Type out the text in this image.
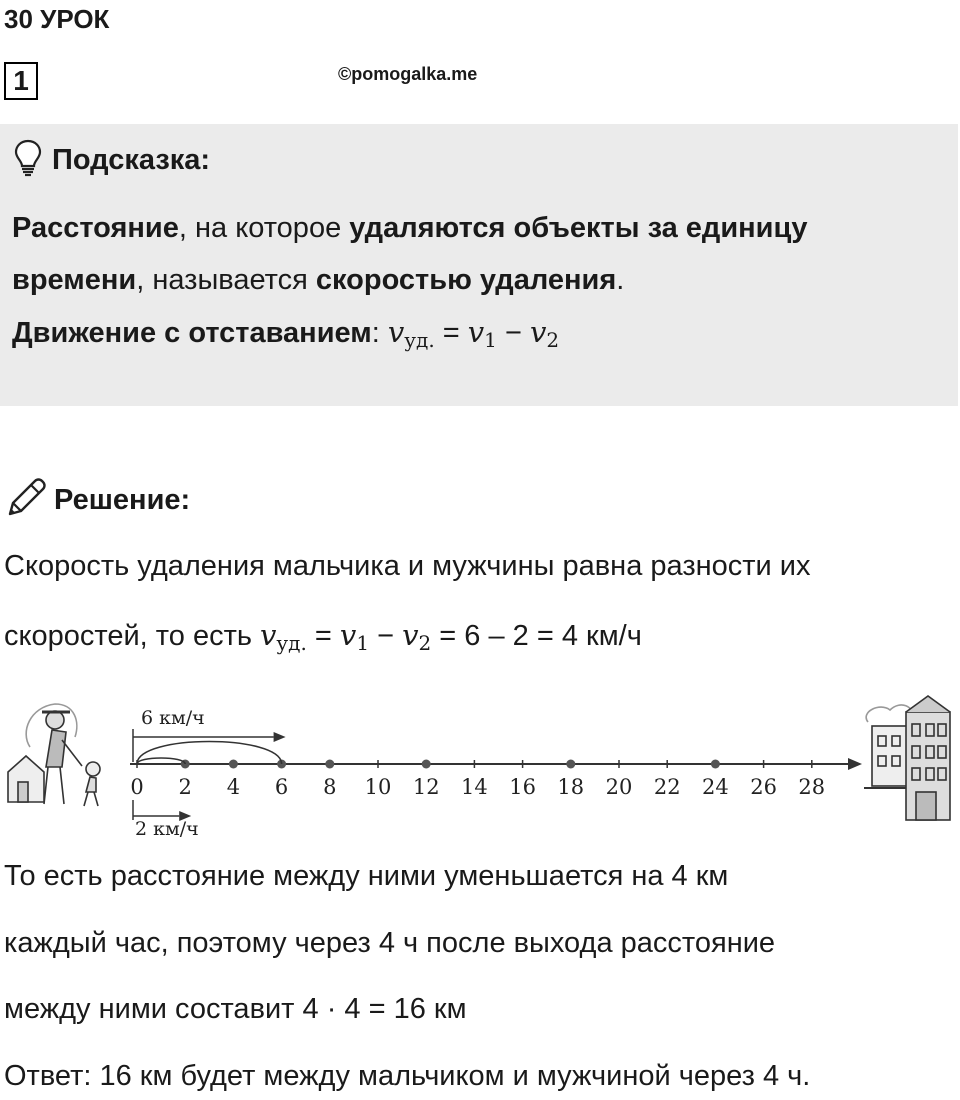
30 УРОК
1	©pomogalka.me
Подсказка:
Расстояние, на которое удаляются объекты за единицу
времени, называется скоростью удаления.
Движение с отставанием: $v_{уд.} = v_1 - v_2$
Решение:
Скорость удаления мальчика и мужчины равна разности их
скоростей, то есть $v_{уд.} = v_1 - v_2 = 6 - 2 = 4$ км/ч
0 2 4 6 8 10 12 14 16 18 20 22 24 26 28
6 км/ч
2 км/ч
То есть расстояние между ними уменьшается на 4 км
каждый час, поэтому через 4 ч после выхода расстояние
между ними составит 4 · 4 = 16 км
Ответ: 16 км будет между мальчиком и мужчиной через 4 ч.
